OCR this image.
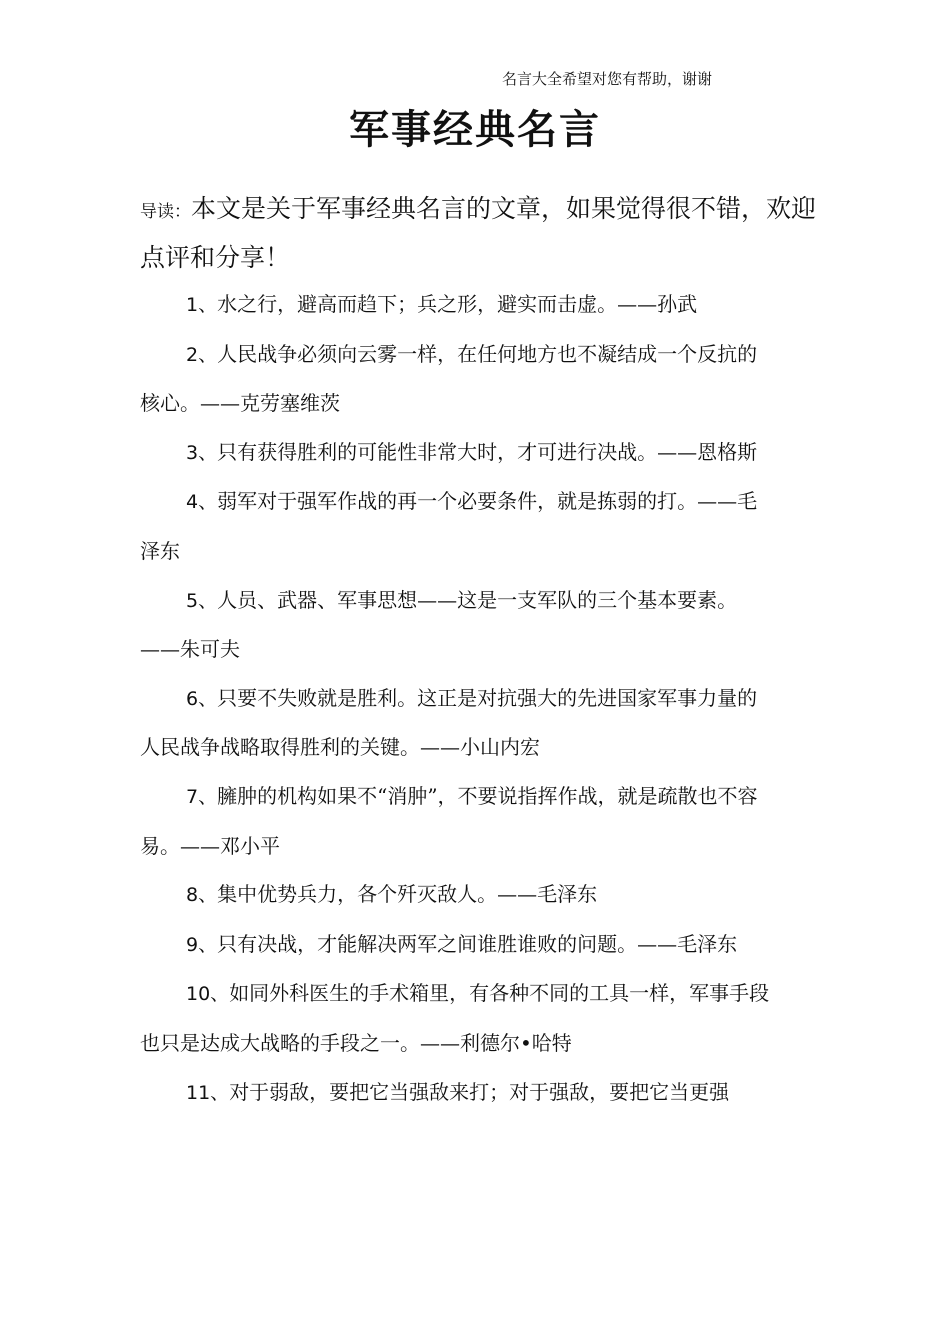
名言大全希望对您有帮助，谢谢
军事经典名言
导读：本文是关于军事经典名言的文章，如果觉得很不错，欢迎点评和分享！

1、水之行，避高而趋下；兵之形，避实而击虚。——孙武

2、人民战争必须向云雾一样，在任何地方也不凝结成一个反抗的核心。——克劳塞维茨

3、只有获得胜利的可能性非常大时，才可进行决战。——恩格斯

4、弱军对于强军作战的再一个必要条件，就是拣弱的打。——毛泽东

5、人员、武器、军事思想——这是一支军队的三个基本要素。——朱可夫

6、只要不失败就是胜利。这正是对抗强大的先进国家军事力量的人民战争战略取得胜利的关键。——小山内宏

7、臃肿的机构如果不“消肿”，不要说指挥作战，就是疏散也不容易。——邓小平

8、集中优势兵力，各个歼灭敌人。——毛泽东

9、只有决战，才能解决两军之间谁胜谁败的问题。——毛泽东

10、如同外科医生的手术箱里，有各种不同的工具一样，军事手段也只是达成大战略的手段之一。——利德尔•哈特

11、对于弱敌，要把它当强敌来打；对于强敌，要把它当更强
